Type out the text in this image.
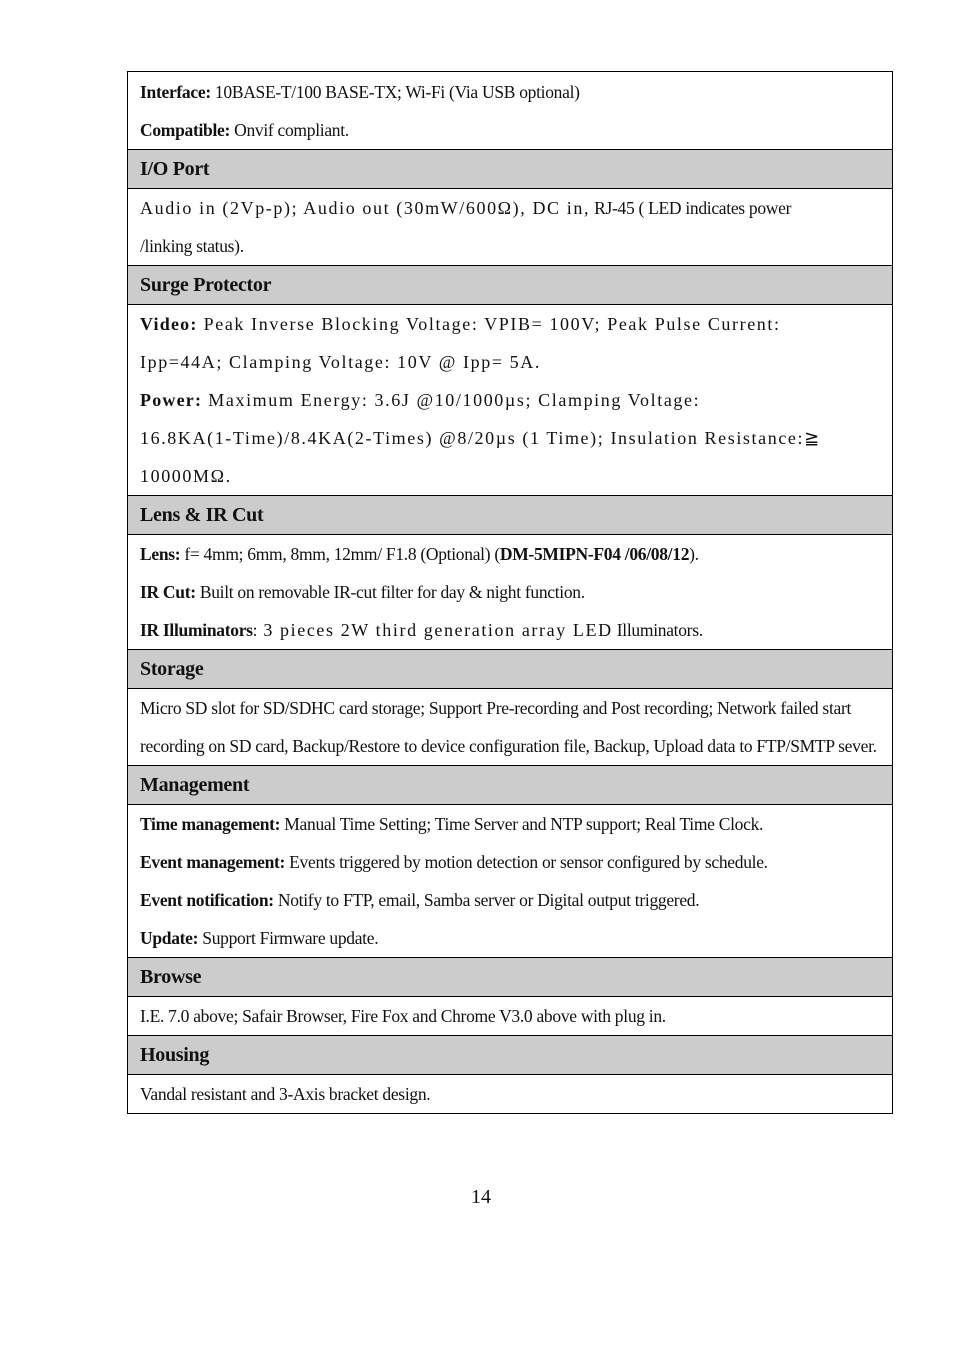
Interface: 10BASE-T/100 BASE-TX; Wi-Fi (Via USB optional)

Compatible: Onvif compliant.

I/O Port

Audio in (2Vp-p); Audio out (30mW/600Ω), DC in, RJ-45 ( LED indicates power

/linking status).

Surge Protector

Video: Peak Inverse Blocking Voltage: VPIB= 100V; Peak Pulse Current:

Ipp=44A; Clamping Voltage: 10V @ Ipp= 5A.

Power: Maximum Energy: 3.6J @10/1000µs; Clamping Voltage:

16.8KA(1-Time)/8.4KA(2-Times) @8/20µs (1 Time); Insulation Resistance:≧

10000MΩ.

Lens & IR Cut

Lens: f= 4mm; 6mm, 8mm, 12mm/ F1.8 (Optional) (DM-5MIPN-F04 /06/08/12).

IR Cut: Built on removable IR-cut filter for day & night function.

IR Illuminators: 3 pieces 2W third generation array LED Illuminators.

Storage

Micro SD slot for SD/SDHC card storage; Support Pre-recording and Post recording; Network failed start recording on SD card, Backup/Restore to device configuration file, Backup, Upload data to FTP/SMTP sever.

Management

Time management: Manual Time Setting; Time Server and NTP support; Real Time Clock.

Event management: Events triggered by motion detection or sensor configured by schedule.

Event notification: Notify to FTP, email, Samba server or Digital output triggered.

Update: Support Firmware update.

Browse

I.E. 7.0 above; Safair Browser, Fire Fox and Chrome V3.0 above with plug in.

Housing

Vandal resistant and 3-Axis bracket design.

14
